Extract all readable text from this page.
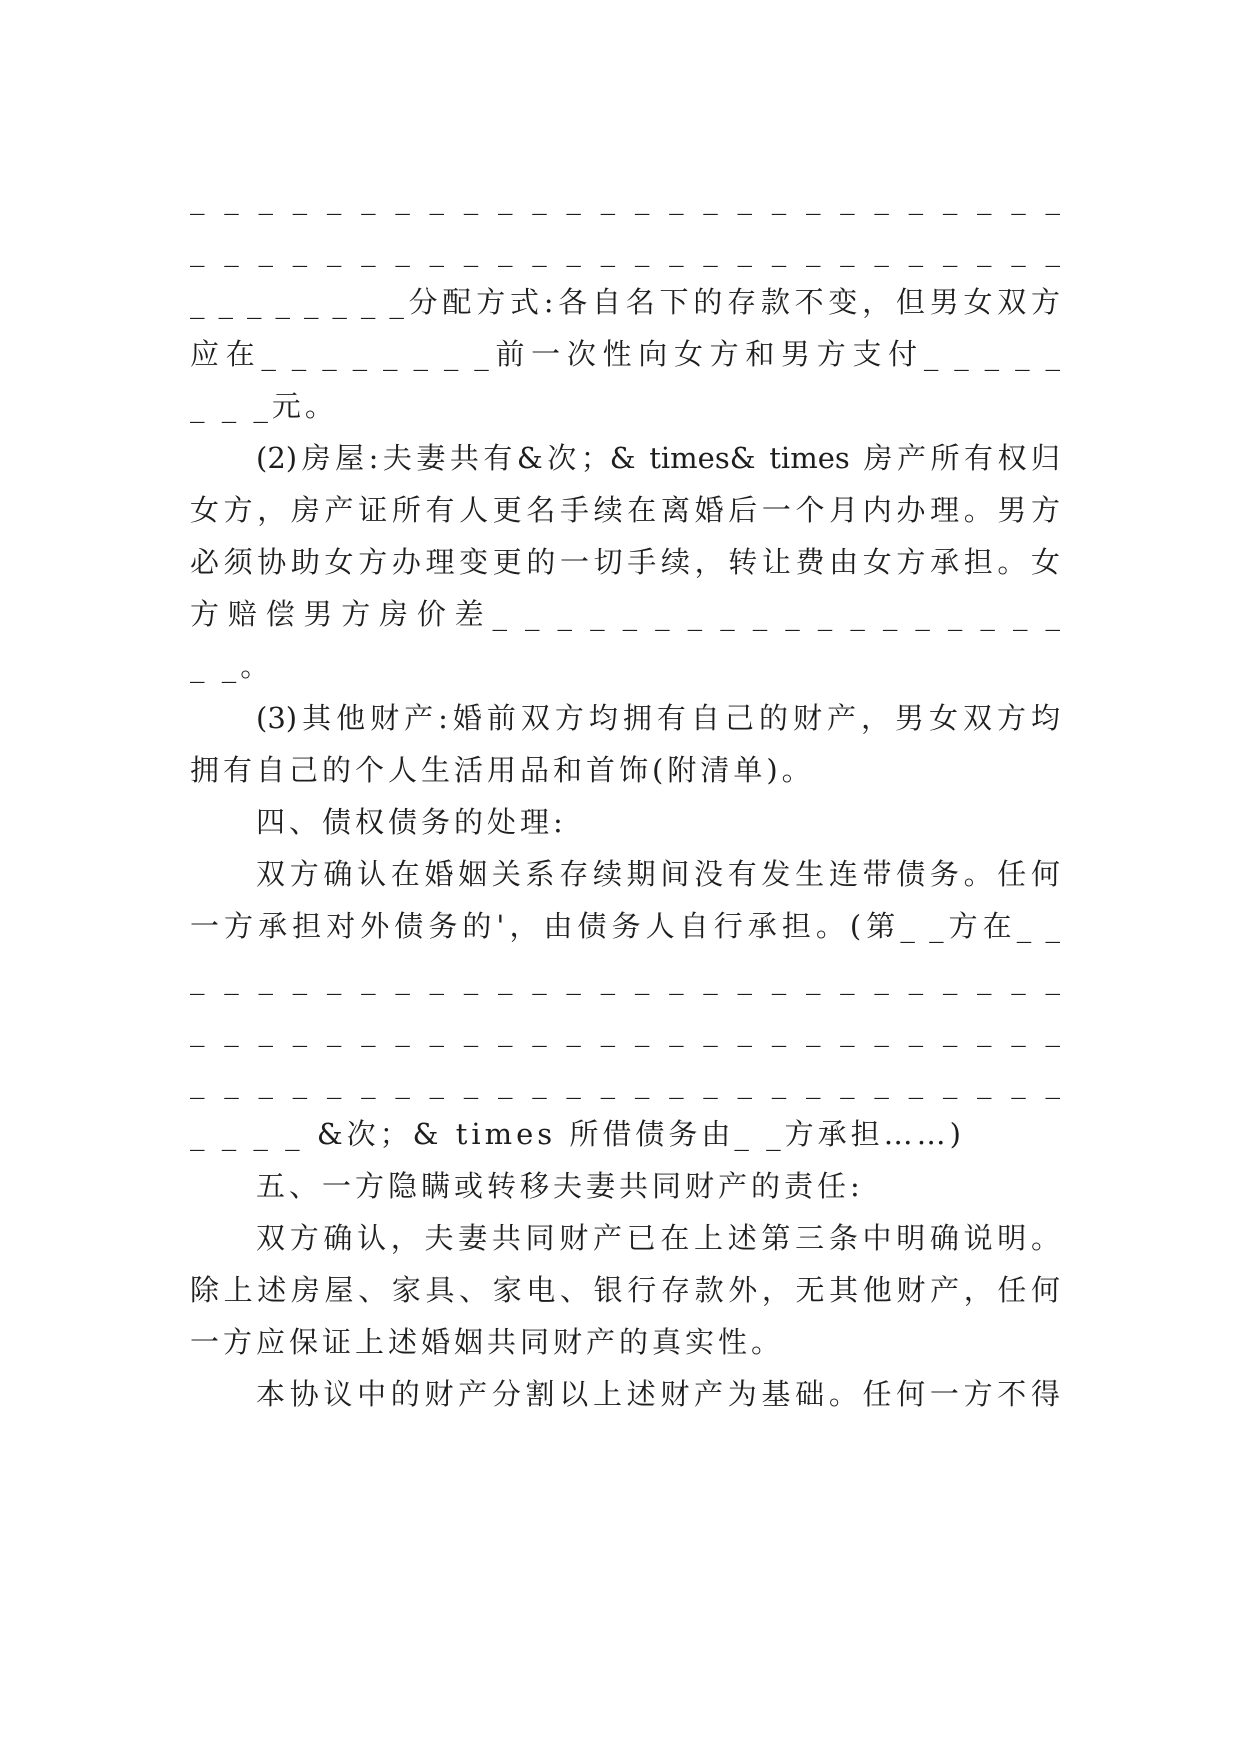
_ _ _ _ _ _ _ _ _ _ _ _ _ _ _ _ _ _ _ _ _ _ _ _ _ _
_ _ _ _ _ _ _ _ _ _ _ _ _ _ _ _ _ _ _ _ _ _ _ _ _ _
_ _ _ _ _ _ _ _分配方式:各自名下的存款不变，但男女双方
应在_ _ _ _ _ _ _ _前一次性向女方和男方支付_ _ _ _ _
_ _ _元。
(2)房屋:夫妻共有&次；& times& times 房产所有权归
女方，房产证所有人更名手续在离婚后一个月内办理。男方
必须协助女方办理变更的一切手续，转让费由女方承担。女
方赔偿男方房价差_ _ _ _ _ _ _ _ _ _ _ _ _ _ _ _ _ _
_ _。
(3)其他财产:婚前双方均拥有自己的财产，男女双方均
拥有自己的个人生活用品和首饰(附清单)。
四、债权债务的处理:
双方确认在婚姻关系存续期间没有发生连带债务。任何
一方承担对外债务的'，由债务人自行承担。(第_ _方在_ _
_ _ _ _ _ _ _ _ _ _ _ _ _ _ _ _ _ _ _ _ _ _ _ _ _ _
_ _ _ _ _ _ _ _ _ _ _ _ _ _ _ _ _ _ _ _ _ _ _ _ _ _
_ _ _ _ _ _ _ _ _ _ _ _ _ _ _ _ _ _ _ _ _ _ _ _ _ _
_ _ _ _ &次；& times 所借债务由_ _方承担……)
五、一方隐瞒或转移夫妻共同财产的责任:
双方确认，夫妻共同财产已在上述第三条中明确说明。
除上述房屋、家具、家电、银行存款外，无其他财产，任何
一方应保证上述婚姻共同财产的真实性。
本协议中的财产分割以上述财产为基础。任何一方不得
